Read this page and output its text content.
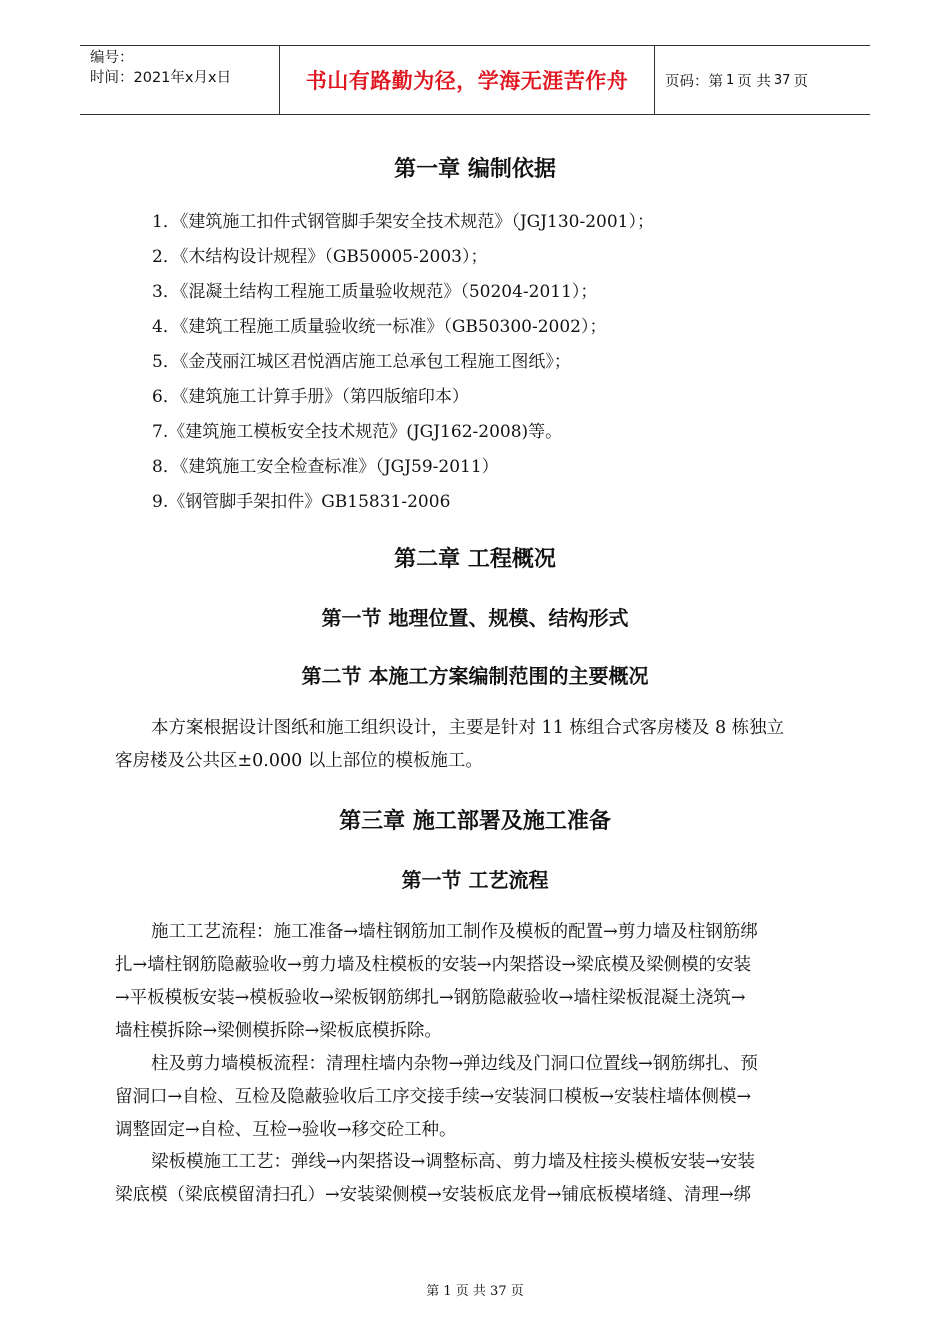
编号：
时间：2021年x月x日	书山有路勤为径，学海无涯苦作舟	页码：第 1 页 共 37 页
第一章 编制依据
1．《建筑施工扣件式钢管脚手架安全技术规范》（JGJ130-2001）；
2．《木结构设计规程》（GB50005-2003）；
3．《混凝土结构工程施工质量验收规范》（50204-2011）；
4．《建筑工程施工质量验收统一标准》（GB50300-2002）；
5．《金茂丽江城区君悦酒店施工总承包工程施工图纸》；
6．《建筑施工计算手册》（第四版缩印本）
7.《建筑施工模板安全技术规范》(JGJ162-2008)等。
8．《建筑施工安全检查标准》（JGJ59-2011）
9.《钢管脚手架扣件》GB15831-2006
第二章 工程概况
第一节 地理位置、规模、结构形式
第二节 本施工方案编制范围的主要概况

本方案根据设计图纸和施工组织设计，主要是针对 11 栋组合式客房楼及 8 栋独立
客房楼及公共区±0.000 以上部位的模板施工。

第三章 施工部署及施工准备
第一节 工艺流程

施工工艺流程：施工准备→墙柱钢筋加工制作及模板的配置→剪力墙及柱钢筋绑
扎→墙柱钢筋隐蔽验收→剪力墙及柱模板的安装→内架搭设→梁底模及梁侧模的安装
→平板模板安装→模板验收→梁板钢筋绑扎→钢筋隐蔽验收→墙柱梁板混凝土浇筑→
墙柱模拆除→梁侧模拆除→梁板底模拆除。

柱及剪力墙模板流程：清理柱墙内杂物→弹边线及门洞口位置线→钢筋绑扎、预
留洞口→自检、互检及隐蔽验收后工序交接手续→安装洞口模板→安装柱墙体侧模→
调整固定→自检、互检→验收→移交砼工种。

梁板模施工工艺：弹线→内架搭设→调整标高、剪力墙及柱接头模板安装→安装
梁底模（梁底模留清扫孔）→安装梁侧模→安装板底龙骨→铺底板模堵缝、清理→绑

第 1 页 共 37 页
